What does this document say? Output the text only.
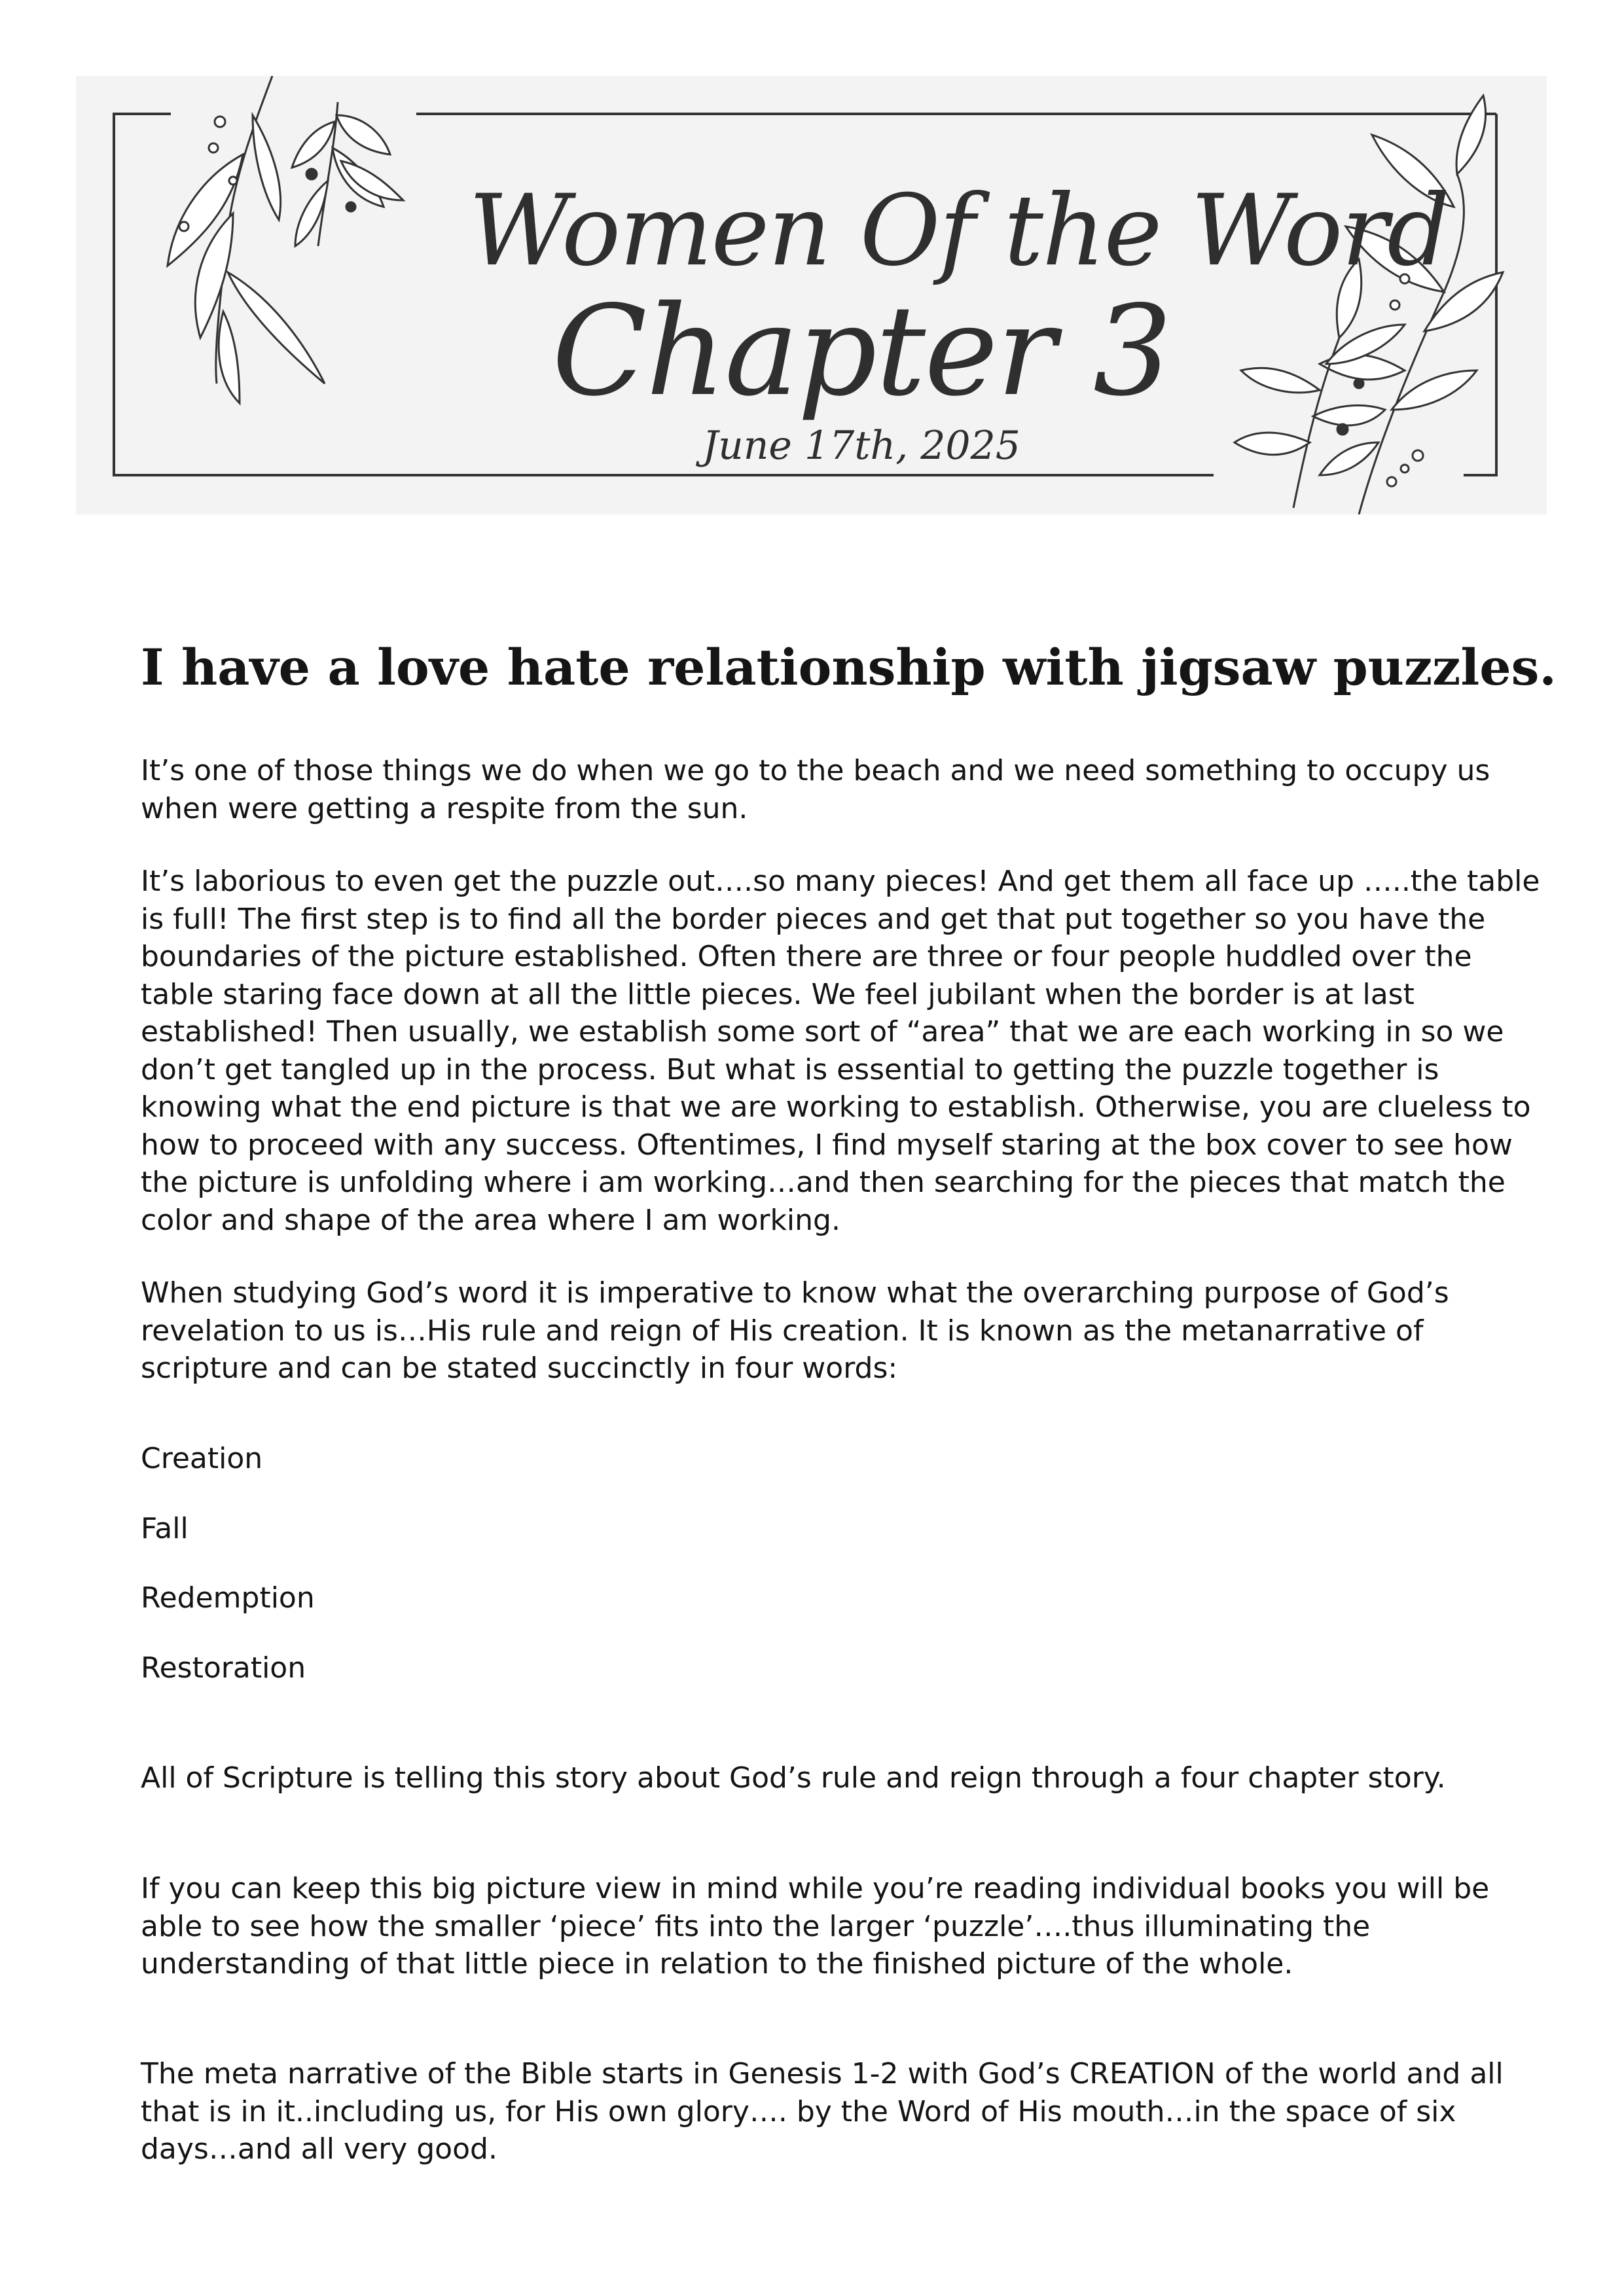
Women Of the Word
Chapter 3
June 17th, 2025
I have a love hate relationship with jigsaw puzzles.

It’s one of those things we do when we go to the beach and we need something to occupy us when were getting a respite from the sun.

It’s laborious to even get the puzzle out….so many pieces! And get them all face up …..the table is full! The first step is to find all the border pieces and get that put together so you have the boundaries of the picture established. Often there are three or four people huddled over the table staring face down at all the little pieces. We feel jubilant when the border is at last established! Then usually, we establish some sort of “area” that we are each working in so we don’t get tangled up in the process. But what is essential to getting the puzzle together is knowing what the end picture is that we are working to establish. Otherwise, you are clueless to how to proceed with any success. Oftentimes, I find myself staring at the box cover to see how the picture is unfolding where i am working…and then searching for the pieces that match the color and shape of the area where I am working.

When studying God’s word it is imperative to know what the overarching purpose of God’s revelation to us is…His rule and reign of His creation. It is known as the metanarrative of scripture and can be stated succinctly in four words:

Creation

Fall

Redemption

Restoration

All of Scripture is telling this story about God’s rule and reign through a four chapter story.

If you can keep this big picture view in mind while you’re reading individual books you will be able to see how the smaller ‘piece’ fits into the larger ‘puzzle’….thus illuminating the understanding of that little piece in relation to the finished picture of the whole.

The meta narrative of the Bible starts in Genesis 1-2 with God’s CREATION of the world and all that is in it..including us, for His own glory…. by the Word of His mouth…in the space of six days…and all very good.
